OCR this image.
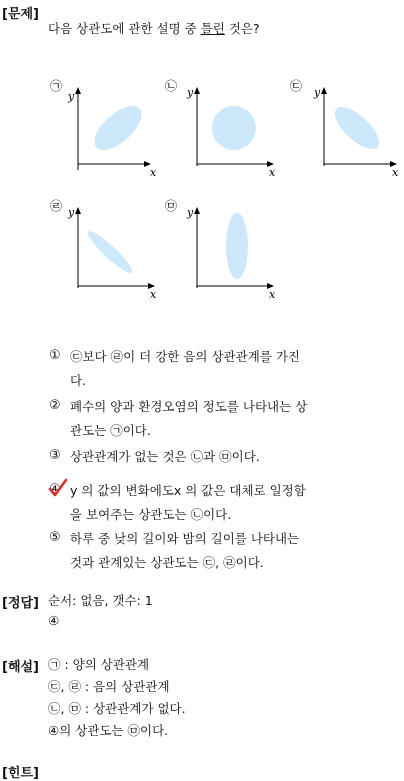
[문제]
다음 상관도에 관한 설명 중 틀린 것은?
㉠
y
x
㉡ y
x
㉢ y
x
㉣ y
x
㉤ y
x
① ㉢보다 ㉣이 더 강한 음의 상관관계를 가진
다.
② 폐수의 양과 환경오염의 정도를 나타내는 상
관도는 ㉠이다.
③ 상관관계가 없는 것은 ㉡과 ㉤이다.
④ y 의 값의 변화에도x 의 값은 대체로 일정함
을 보여주는 상관도는 ㉡이다.
⑤ 하루 중 낮의 길이와 밤의 길이를 나타내는
것과 관계있는 상관도는 ㉢, ㉣이다.
[정답] 순서: 없음, 갯수: 1
④
[해설] ㉠ : 양의 상관관계
㉢, ㉣ : 음의 상관관계
㉡, ㉤ : 상관관계가 없다.
④의 상관도는 ㉤이다.
[힌트]
